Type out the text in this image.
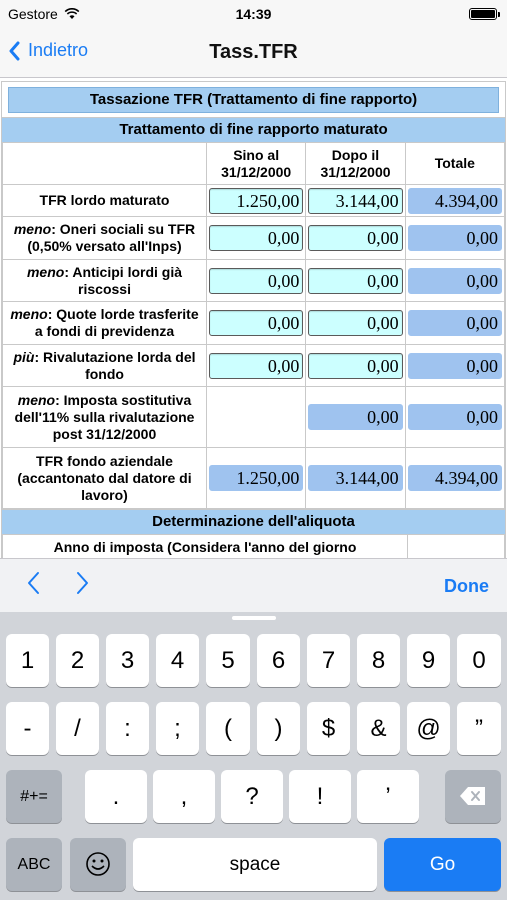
Gestore	14:39
Indietro	Tass.TFR
Tassazione TFR (Trattamento di fine rapporto)
Trattamento di fine rapporto maturato
	Sino al 31/12/2000	Dopo il 31/12/2000	Totale
TFR lordo maturato	1.250,00	3.144,00	4.394,00

meno: Oneri sociali su TFR (0,50% versato all'Inps)	0,00	0,00	0,00

meno: Anticipi lordi già riscossi	0,00	0,00	0,00

meno: Quote lorde trasferite a fondi di previdenza	0,00	0,00	0,00

più: Rivalutazione lorda del fondo	0,00	0,00	0,00

meno: Imposta sostitutiva dell'11% sulla rivalutazione post 31/12/2000		0,00	0,00

TFR fondo aziendale (accantonato dal datore di lavoro)	1.250,00	3.144,00	4.394,00
Determinazione dell'aliquota
Anno di imposta (Considera l'anno del giorno	
Done
1	2	3	4	5	6	7	8	9	0
-	/	:	;	(	)	$	&	@	”
#+=	.	,	?	!	’
ABC	space	Go
